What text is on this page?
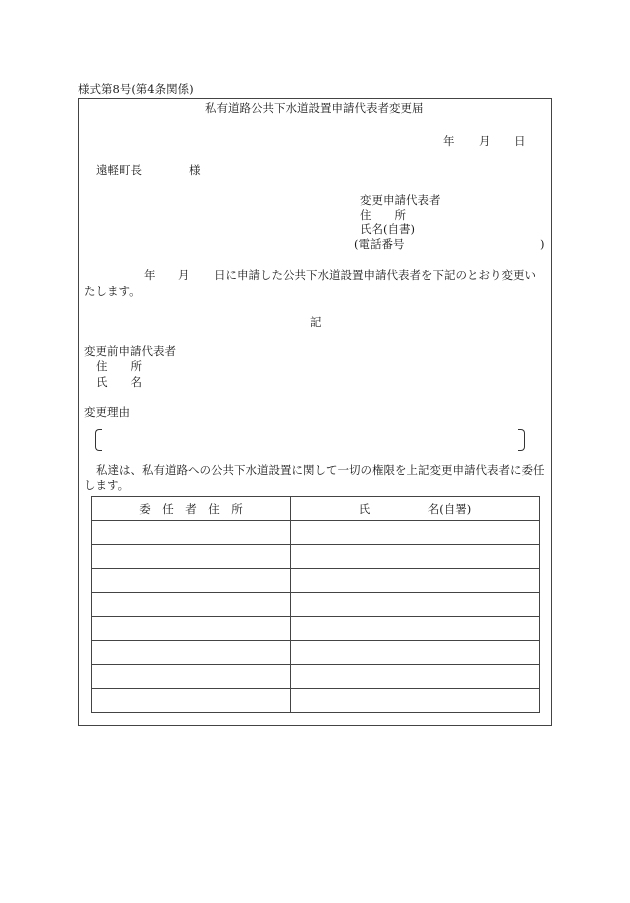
様式第8号(第4条関係)
私有道路公共下水道設置申請代表者変更届
年 月 日
遠軽町長	様
変更申請代表者
住　　所
氏名(自書)
(電話番号	)
年 月 日に申請した公共下水道設置申請代表者を下記のとおり変更い
たします。
記
変更前申請代表者
住　　所
氏　　名
変更理由
私達は、私有道路への公共下水道設置に関して一切の権限を上記変更申請代表者に委任
します。
委　任　者　住　所	氏　　　　　名(自署)
